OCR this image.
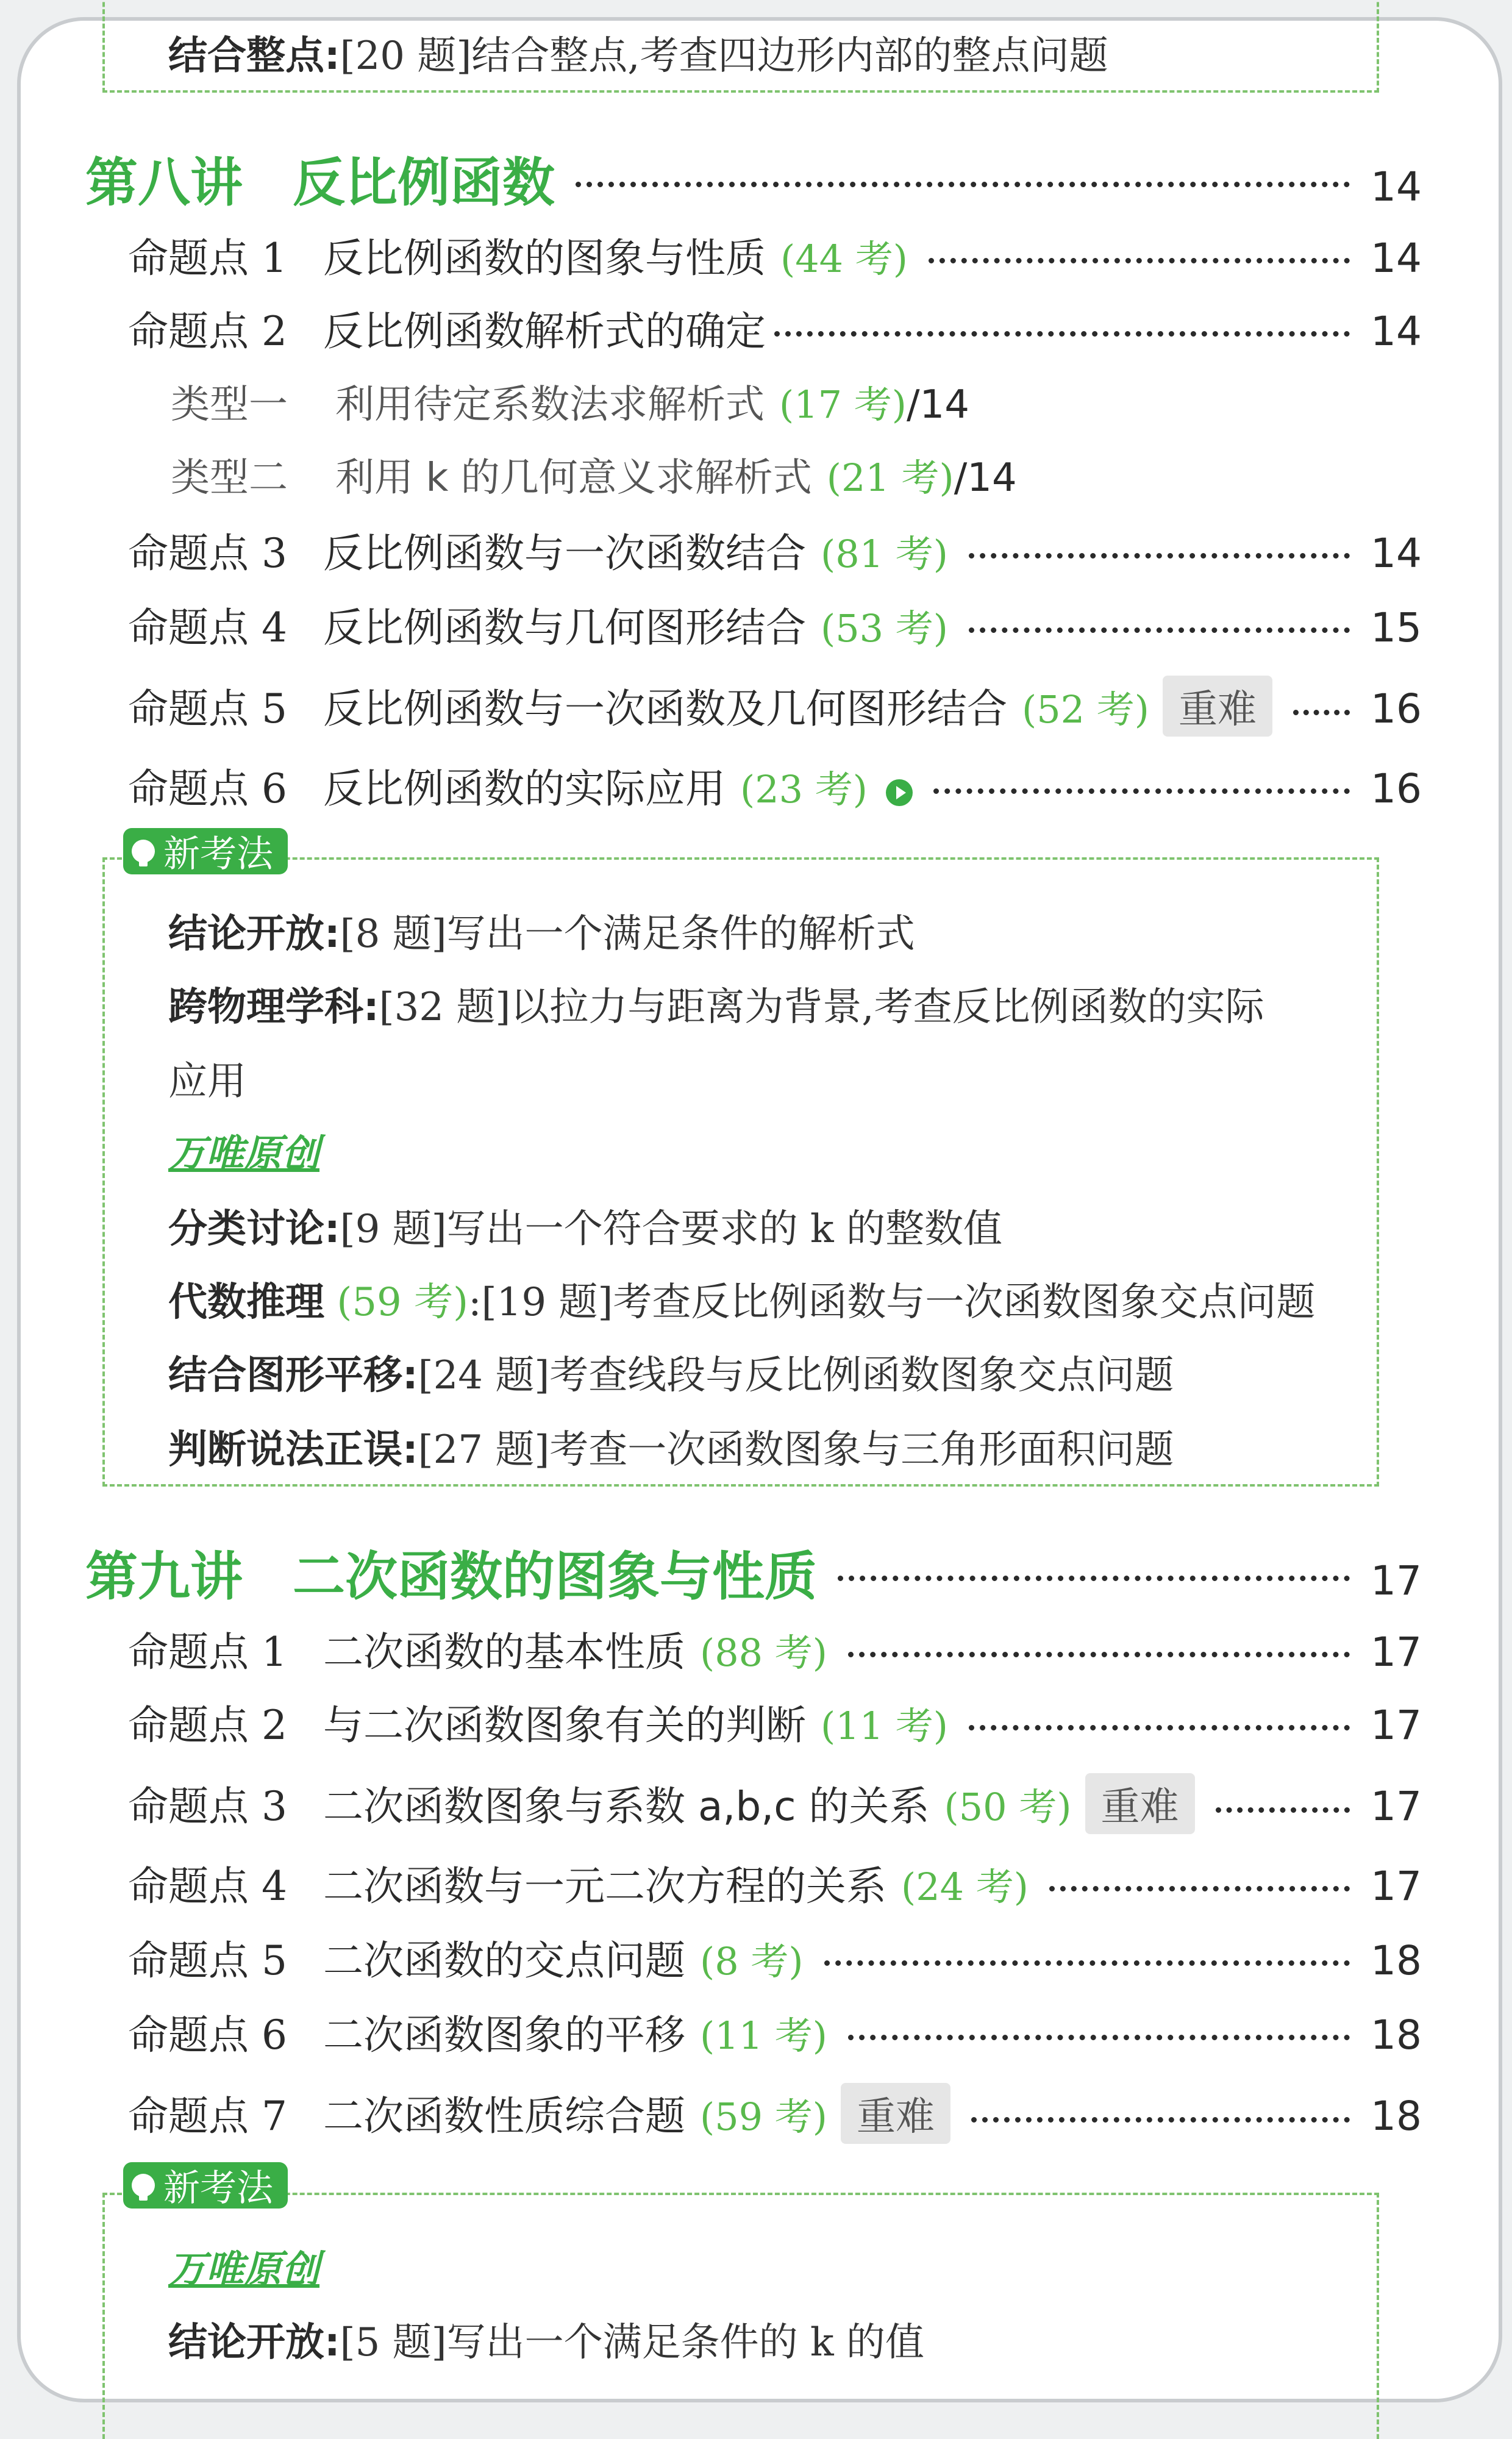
结合整点:[20 题]结合整点,考查四边形内部的整点问题
第八讲 反比例函数	14
命题点 1 反比例函数的图象与性质 (44 考)	14
命题点 2 反比例函数解析式的确定	14
类型一	利用待定系数法求解析式 (17 考) /14
类型二	利用 k 的几何意义求解析式 (21 考) /14
命题点 3 反比例函数与一次函数结合 (81 考)	14
命题点 4 反比例函数与几何图形结合 (53 考)	15
命题点 5 反比例函数与一次函数及几何图形结合 (52 考) 重难	16
命题点 6 反比例函数的实际应用 (23 考)	16
新考法
结论开放:[8 题]写出一个满足条件的解析式
跨物理学科:[32 题]以拉力与距离为背景,考查反比例函数的实际
应用
万唯原创
分类讨论:[9 题]写出一个符合要求的 k 的整数值
代数推理 (59 考):[19 题]考查反比例函数与一次函数图象交点问题
结合图形平移:[24 题]考查线段与反比例函数图象交点问题
判断说法正误:[27 题]考查一次函数图象与三角形面积问题
第九讲 二次函数的图象与性质	17
命题点 1 二次函数的基本性质 (88 考)	17
命题点 2 与二次函数图象有关的判断 (11 考)	17
命题点 3 二次函数图象与系数 a,b,c 的关系 (50 考) 重难	17
命题点 4 二次函数与一元二次方程的关系 (24 考)	17
命题点 5 二次函数的交点问题 (8 考)	18
命题点 6 二次函数图象的平移 (11 考)	18
命题点 7 二次函数性质综合题 (59 考) 重难	18
新考法
万唯原创
结论开放:[5 题]写出一个满足条件的 k 的值
